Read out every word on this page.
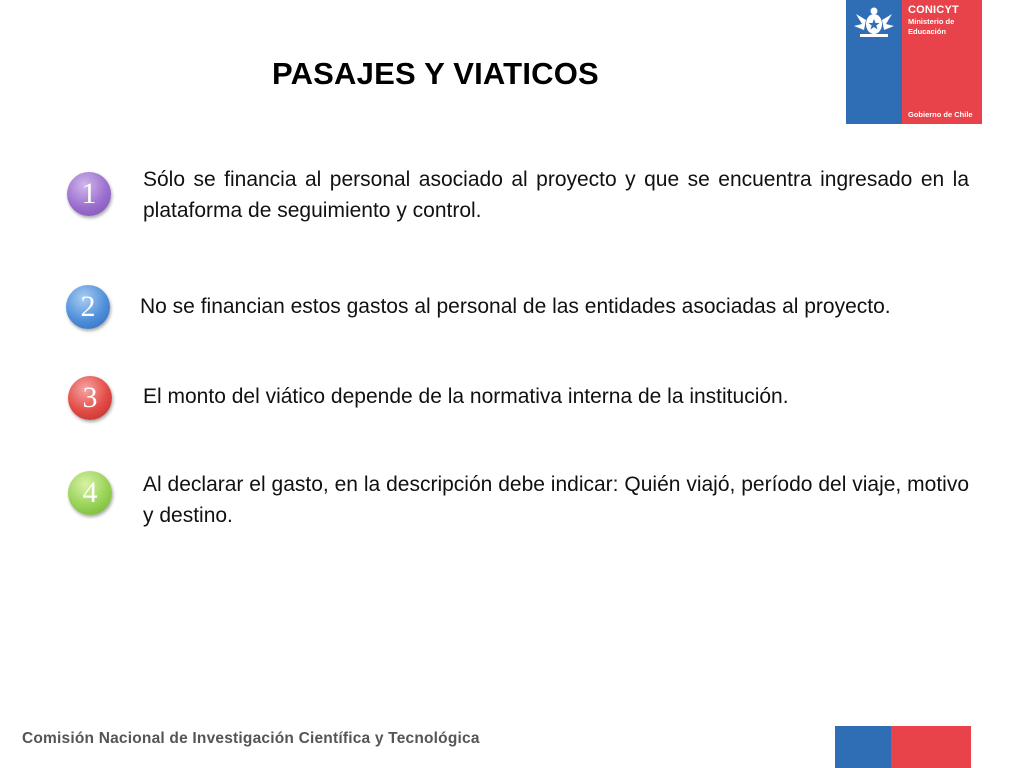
PASAJES Y VIATICOS
CONICYT
Ministerio de
Educación
Gobierno de Chile
1	Sólo se financia al personal asociado al proyecto y que se encuentra ingresado en la plataforma de seguimiento y control.
2	No se financian estos gastos al personal de las entidades asociadas al proyecto.
3	El monto del viático depende de la normativa interna de la institución.
4	Al declarar el gasto, en la descripción debe indicar: Quién viajó, período del viaje, motivo y destino.
Comisión Nacional de Investigación Científica y Tecnológica
